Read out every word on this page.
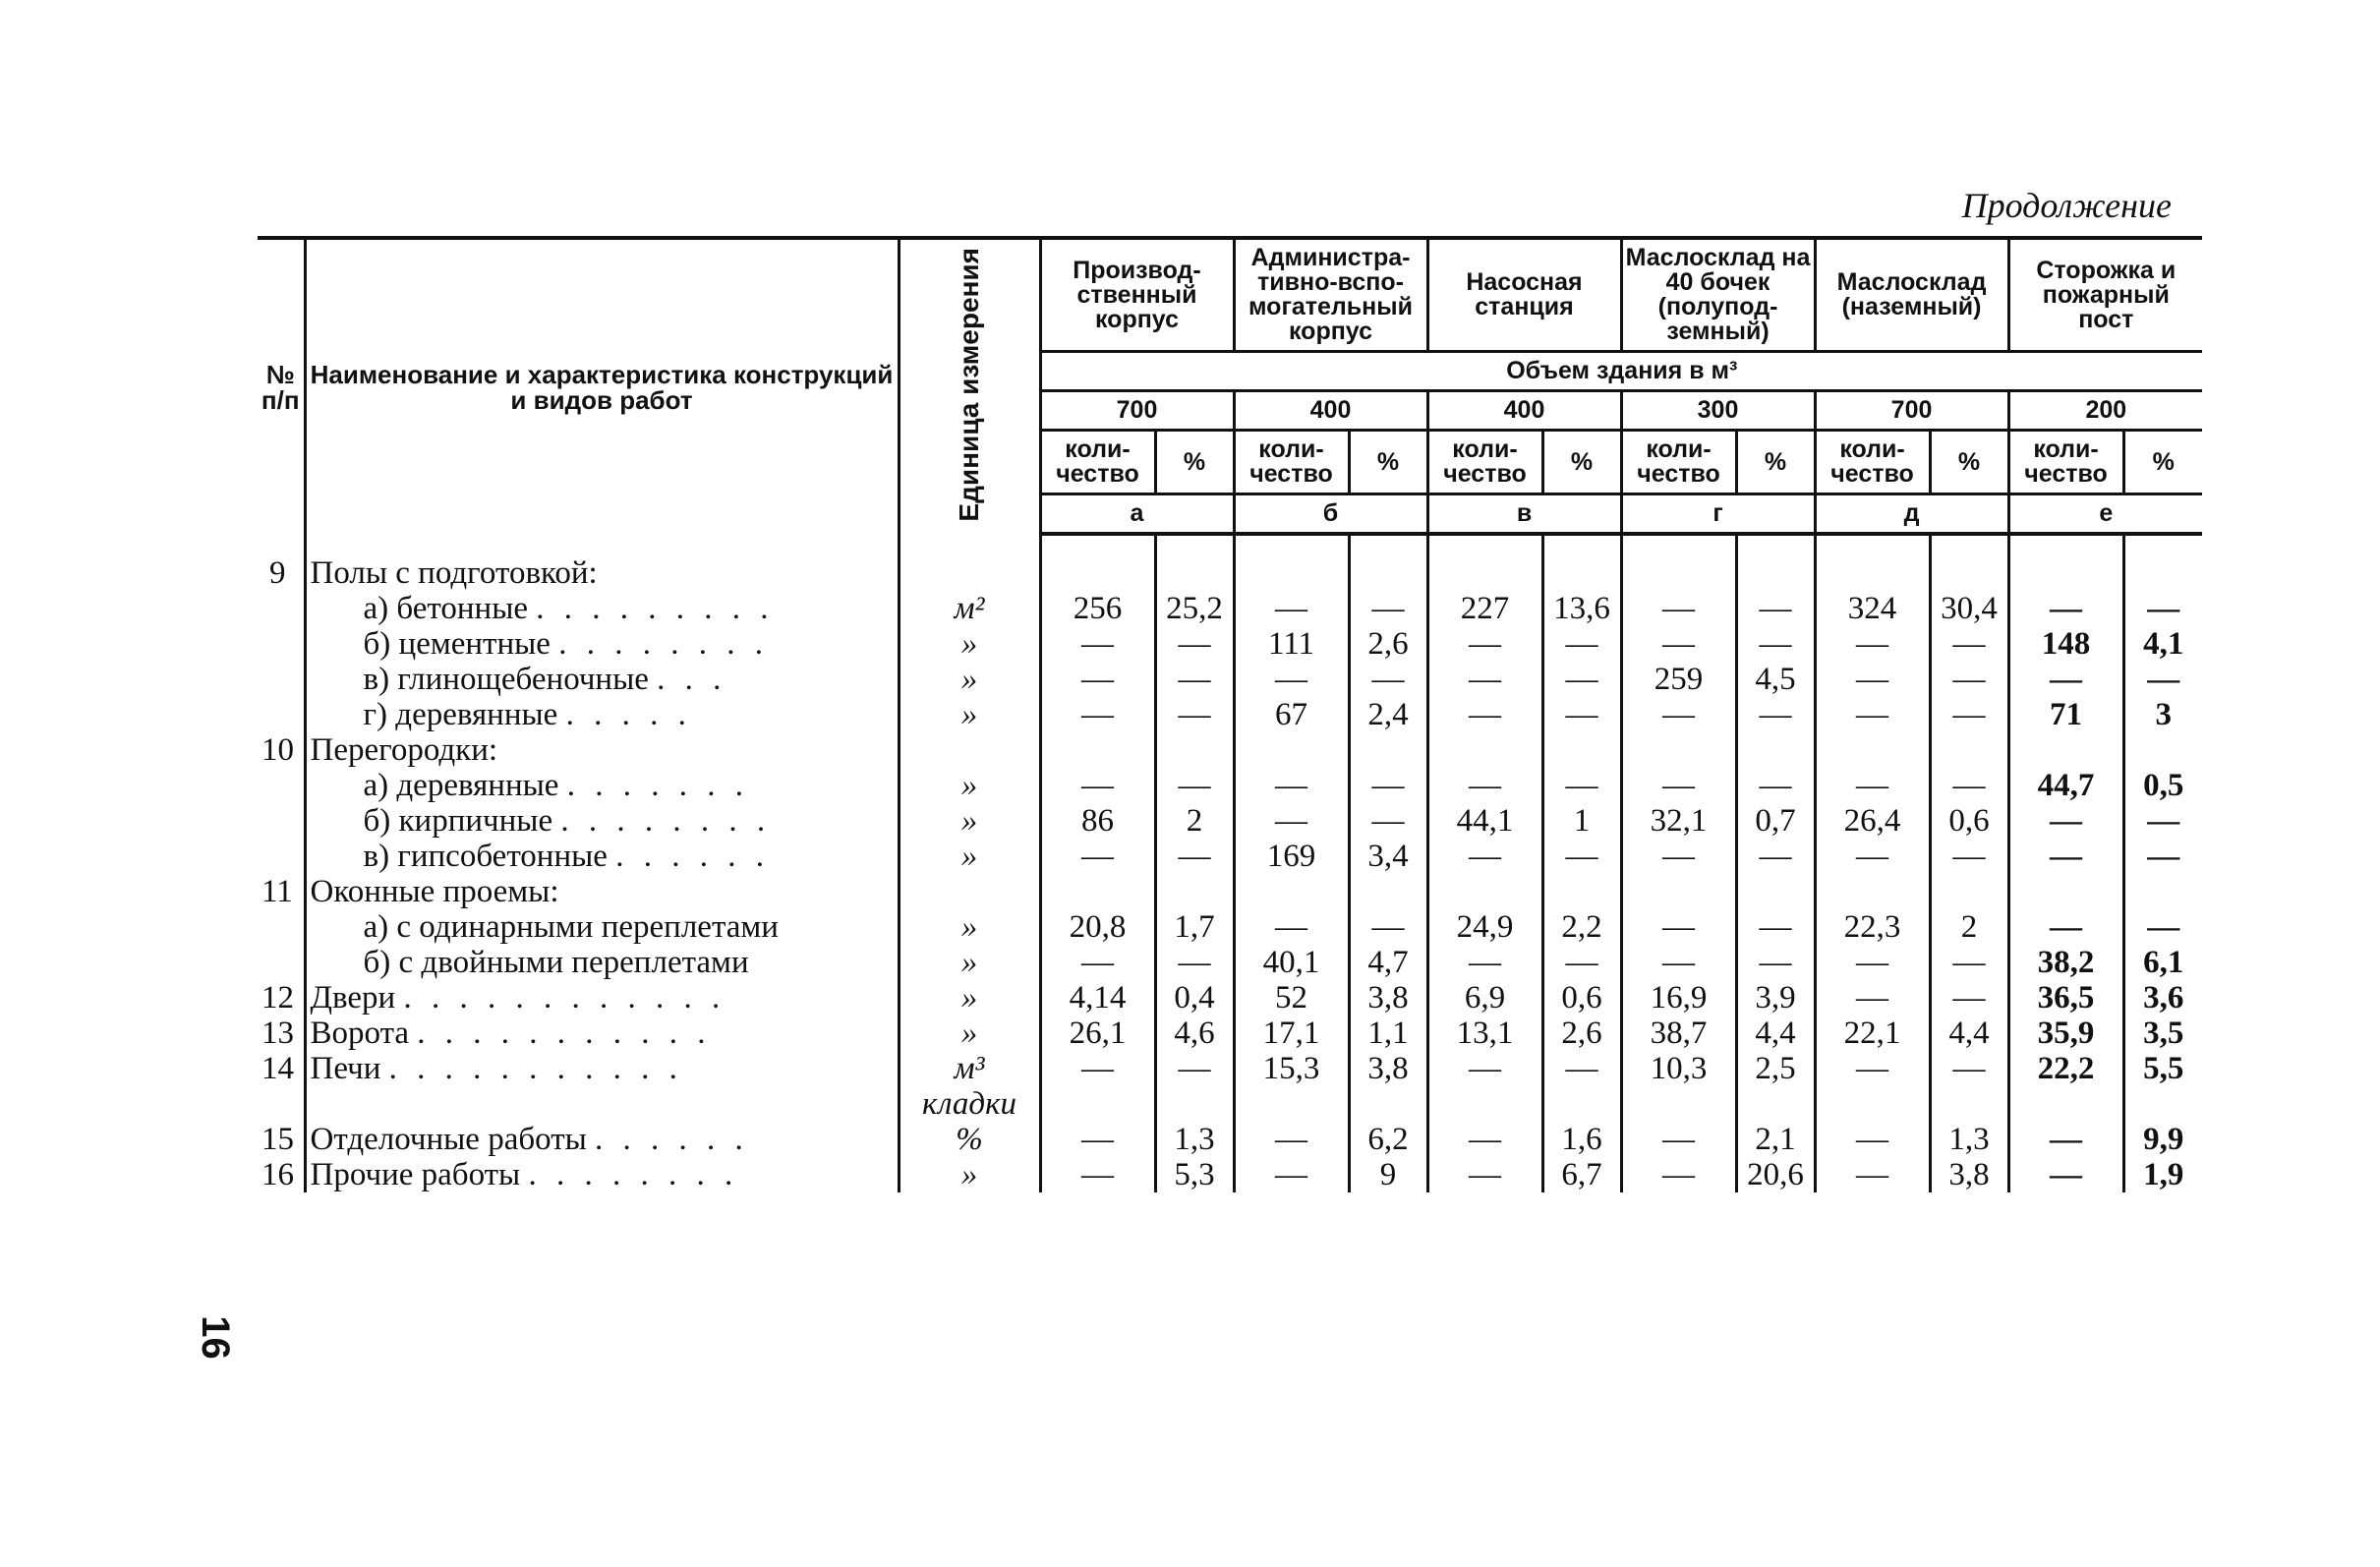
Продолжение
№ п/п	Наименование и характеристика конструкций и видов работ	Единица измерения	Производ- ственный корпус		Администра- тивно-вспо- могательный корпус		Насосная станция		Маслосклад на 40 бочек (полупод- земный)		Маслосклад (наземный)		Сторожка и пожарный пост	
			Объем здания в м³											
			700		400		400		300		700		200	
			коли- чество	%	коли- чество	%	коли- чество	%	коли- чество	%	коли- чество	%	коли- чество	%
			а		б		в		г		д		е	
9	Полы с подготовкой:													
	а) бетонные . . . . . . . . .	м²	256	25,2	—	—	227	13,6	—	—	324	30,4	—	—
	б) цементные . . . . . . . .	»	—	—	111	2,6	—	—	—	—	—	—	148	4,1
	в) глинощебеночные . . .	»	—	—	—	—	—	—	259	4,5	—	—	—	—
	г) деревянные . . . . .	»	—	—	67	2,4	—	—	—	—	—	—	71	3
10	Перегородки:													
	а) деревянные . . . . . . .	»	—	—	—	—	—	—	—	—	—	—	44,7	0,5
	б) кирпичные . . . . . . . .	»	86	2	—	—	44,1	1	32,1	0,7	26,4	0,6	—	—
	в) гипсобетонные . . . . . .	»	—	—	169	3,4	—	—	—	—	—	—	—	—
11	Оконные проемы:													
	а) с одинарными переплетами	»	20,8	1,7	—	—	24,9	2,2	—	—	22,3	2	—	—
	б) с двойными переплетами	»	—	—	40,1	4,7	—	—	—	—	—	—	38,2	6,1
12	Двери . . . . . . . . . . . .	»	4,14	0,4	52	3,8	6,9	0,6	16,9	3,9	—	—	36,5	3,6
13	Ворота . . . . . . . . . . .	»	26,1	4,6	17,1	1,1	13,1	2,6	38,7	4,4	22,1	4,4	35,9	3,5
14	Печи . . . . . . . . . . .	м³	—	—	15,3	3,8	—	—	10,3	2,5	—	—	22,2	5,5
		кладки												
15	Отделочные работы . . . . . .	%	—	1,3	—	6,2	—	1,6	—	2,1	—	1,3	—	9,9
16	Прочие работы . . . . . . . .	»	—	5,3	—	9	—	6,7	—	20,6	—	3,8	—	1,9
16
